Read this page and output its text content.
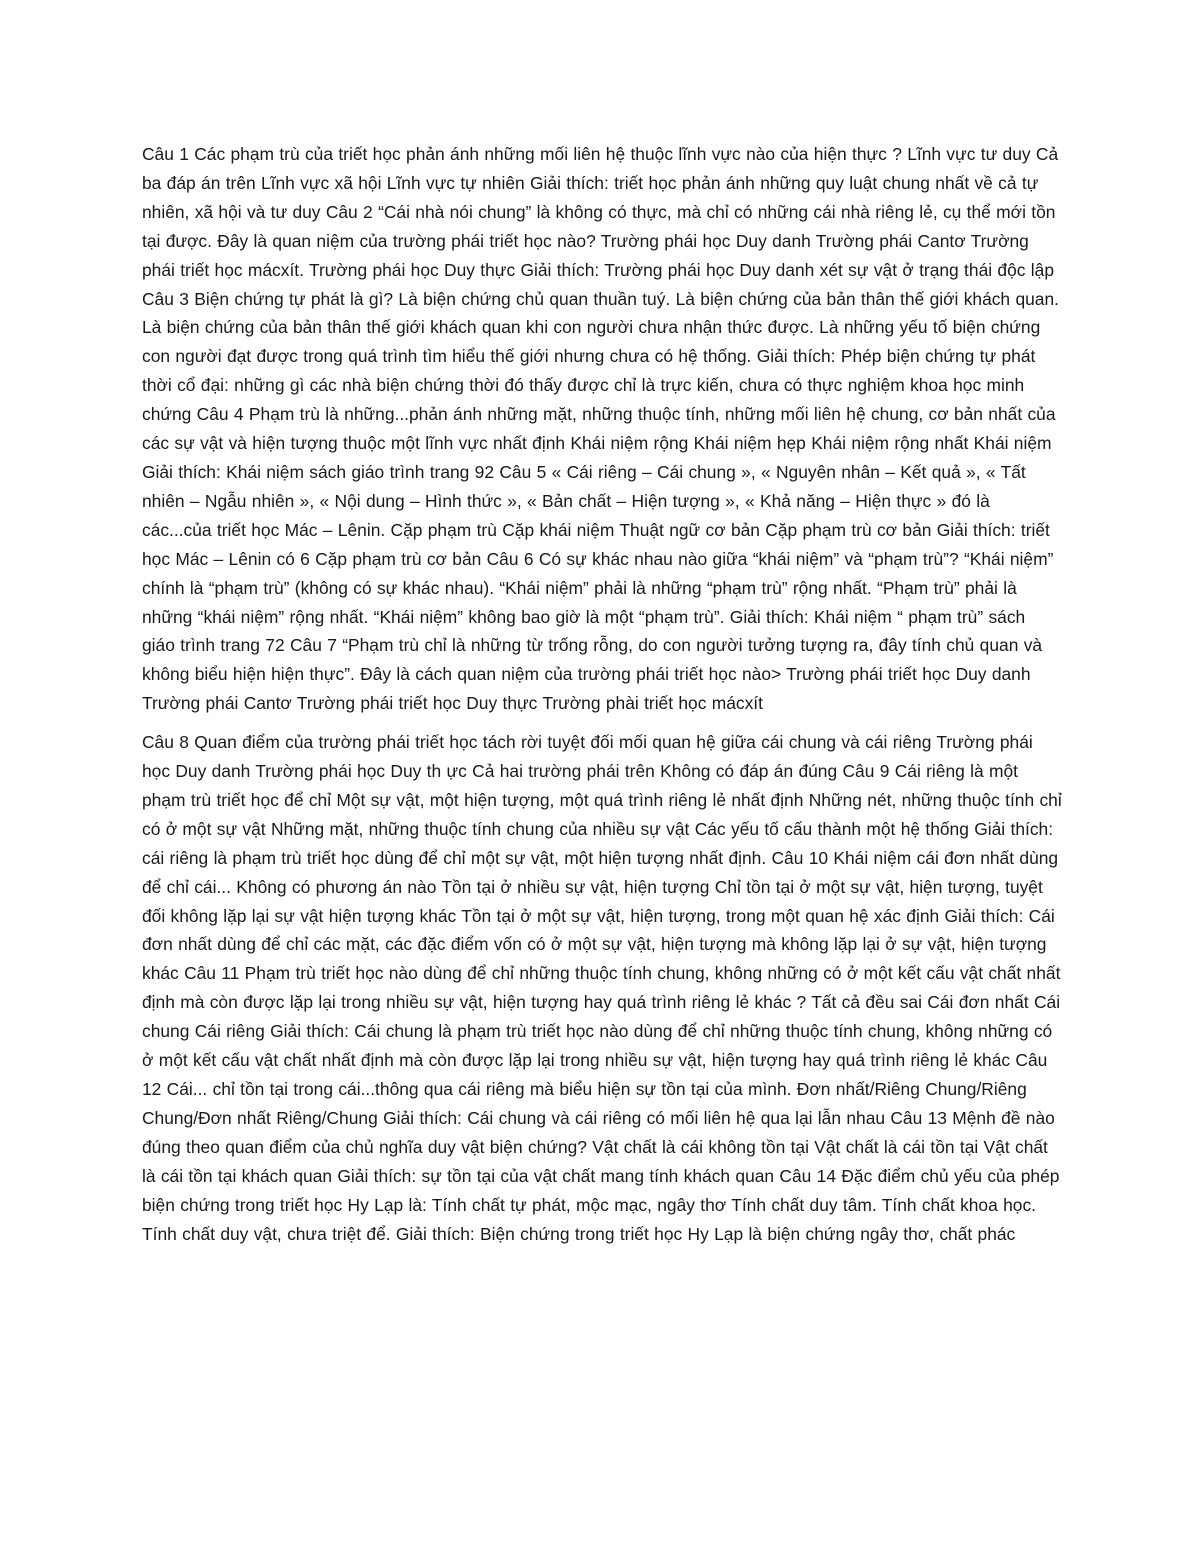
Câu 1 Các phạm trù của triết học phản ánh những mối liên hệ thuộc lĩnh vực nào của hiện thực ? Lĩnh vực tư duy Cả ba đáp án trên Lĩnh vực xã hội Lĩnh vực tự nhiên Giải thích: triết học phản ánh những quy luật chung nhất về cả tự nhiên, xã hội và tư duy Câu 2 “Cái nhà nói chung” là không có thực, mà chỉ có những cái nhà riêng lẻ, cụ thể mới tồn tại được. Đây là quan niệm của trường phái triết học nào? Trường phái học Duy danh Trường phái Cantơ Trường phái triết học mácxít. Trường phái học Duy thực Giải thích: Trường phái học Duy danh xét sự vật ở trạng thái độc lập Câu 3 Biện chứng tự phát là gì? Là biện chứng chủ quan thuần tuý. Là biện chứng của bản thân thế giới khách quan. Là biện chứng của bản thân thế giới khách quan khi con người chưa nhận thức được. Là những yếu tố biện chứng con người đạt được trong quá trình tìm hiểu thế giới nhưng chưa có hệ thống. Giải thích: Phép biện chứng tự phát thời cổ đại: những gì các nhà biện chứng thời đó thấy được chỉ là trực kiến, chưa có thực nghiệm khoa học minh chứng Câu 4 Phạm trù là những...phản ánh những mặt, những thuộc tính, những mối liên hệ chung, cơ bản nhất của các sự vật và hiện tượng thuộc một lĩnh vực nhất định Khái niệm rộng Khái niệm hẹp Khái niệm rộng nhất Khái niệm Giải thích: Khái niệm sách giáo trình trang 92 Câu 5 « Cái riêng – Cái chung », « Nguyên nhân – Kết quả », « Tất nhiên – Ngẫu nhiên », « Nội dung – Hình thức », « Bản chất – Hiện tượng », « Khả năng – Hiện thực » đó là các...của triết học Mác – Lênin. Cặp phạm trù Cặp khái niệm Thuật ngữ cơ bản Cặp phạm trù cơ bản Giải thích: triết học Mác – Lênin có 6 Cặp phạm trù cơ bản Câu 6 Có sự khác nhau nào giữa “khái niệm” và “phạm trù”? “Khái niệm” chính là “phạm trù” (không có sự khác nhau). “Khái niệm” phải là những “phạm trù” rộng nhất. “Phạm trù” phải là những “khái niệm” rộng nhất. “Khái niệm” không bao giờ là một “phạm trù”. Giải thích: Khái niệm “ phạm trù” sách giáo trình trang 72 Câu 7 “Phạm trù chỉ là những từ trống rỗng, do con người tưởng tượng ra, đây tính chủ quan và không biểu hiện hiện thực”. Đây là cách quan niệm của trường phái triết học nào> Trường phái triết học Duy danh Trường phái Cantơ Trường phái triết học Duy thực Trường phài triết học mácxít

Câu 8 Quan điểm của trường phái triết học tách rời tuyệt đối mối quan hệ giữa cái chung và cái riêng Trường phái học Duy danh Trường phái học Duy th ực Cả hai trường phái trên Không có đáp án đúng Câu 9 Cái riêng là một phạm trù triết học để chỉ Một sự vật, một hiện tượng, một quá trình riêng lẻ nhất định Những nét, những thuộc tính chỉ có ở một sự vật Những mặt, những thuộc tính chung của nhiều sự vật Các yếu tố cấu thành một hệ thống Giải thích: cái riêng là phạm trù triết học dùng để chỉ một sự vật, một hiện tượng nhất định. Câu 10 Khái niệm cái đơn nhất dùng để chỉ cái... Không có phương án nào Tồn tại ở nhiều sự vật, hiện tượng Chỉ tồn tại ở một sự vật, hiện tượng, tuyệt đối không lặp lại sự vật hiện tượng khác Tồn tại ở một sự vật, hiện tượng, trong một quan hệ xác định Giải thích: Cái đơn nhất dùng để chỉ các mặt, các đặc điểm vốn có ở một sự vật, hiện tượng mà không lặp lại ở sự vật, hiện tượng khác Câu 11 Phạm trù triết học nào dùng để chỉ những thuộc tính chung, không những có ở một kết cấu vật chất nhất định mà còn được lặp lại trong nhiều sự vật, hiện tượng hay quá trình riêng lẻ khác ? Tất cả đều sai Cái đơn nhất Cái chung Cái riêng Giải thích: Cái chung là phạm trù triết học nào dùng để chỉ những thuộc tính chung, không những có ở một kết cấu vật chất nhất định mà còn được lặp lại trong nhiều sự vật, hiện tượng hay quá trình riêng lẻ khác Câu 12 Cái... chỉ tồn tại trong cái...thông qua cái riêng mà biểu hiện sự tồn tại của mình. Đơn nhất/Riêng Chung/Riêng Chung/Đơn nhất Riêng/Chung Giải thích: Cái chung và cái riêng có mối liên hệ qua lại lẫn nhau Câu 13 Mệnh đề nào đúng theo quan điểm của chủ nghĩa duy vật biện chứng? Vật chất là cái không tồn tại Vật chất là cái tồn tại Vật chất là cái tồn tại khách quan Giải thích: sự tồn tại của vật chất mang tính khách quan Câu 14 Đặc điểm chủ yếu của phép biện chứng trong triết học Hy Lạp là: Tính chất tự phát, mộc mạc, ngây thơ Tính chất duy tâm. Tính chất khoa học. Tính chất duy vật, chưa triệt để. Giải thích: Biện chứng trong triết học Hy Lạp là biện chứng ngây thơ, chất phác
